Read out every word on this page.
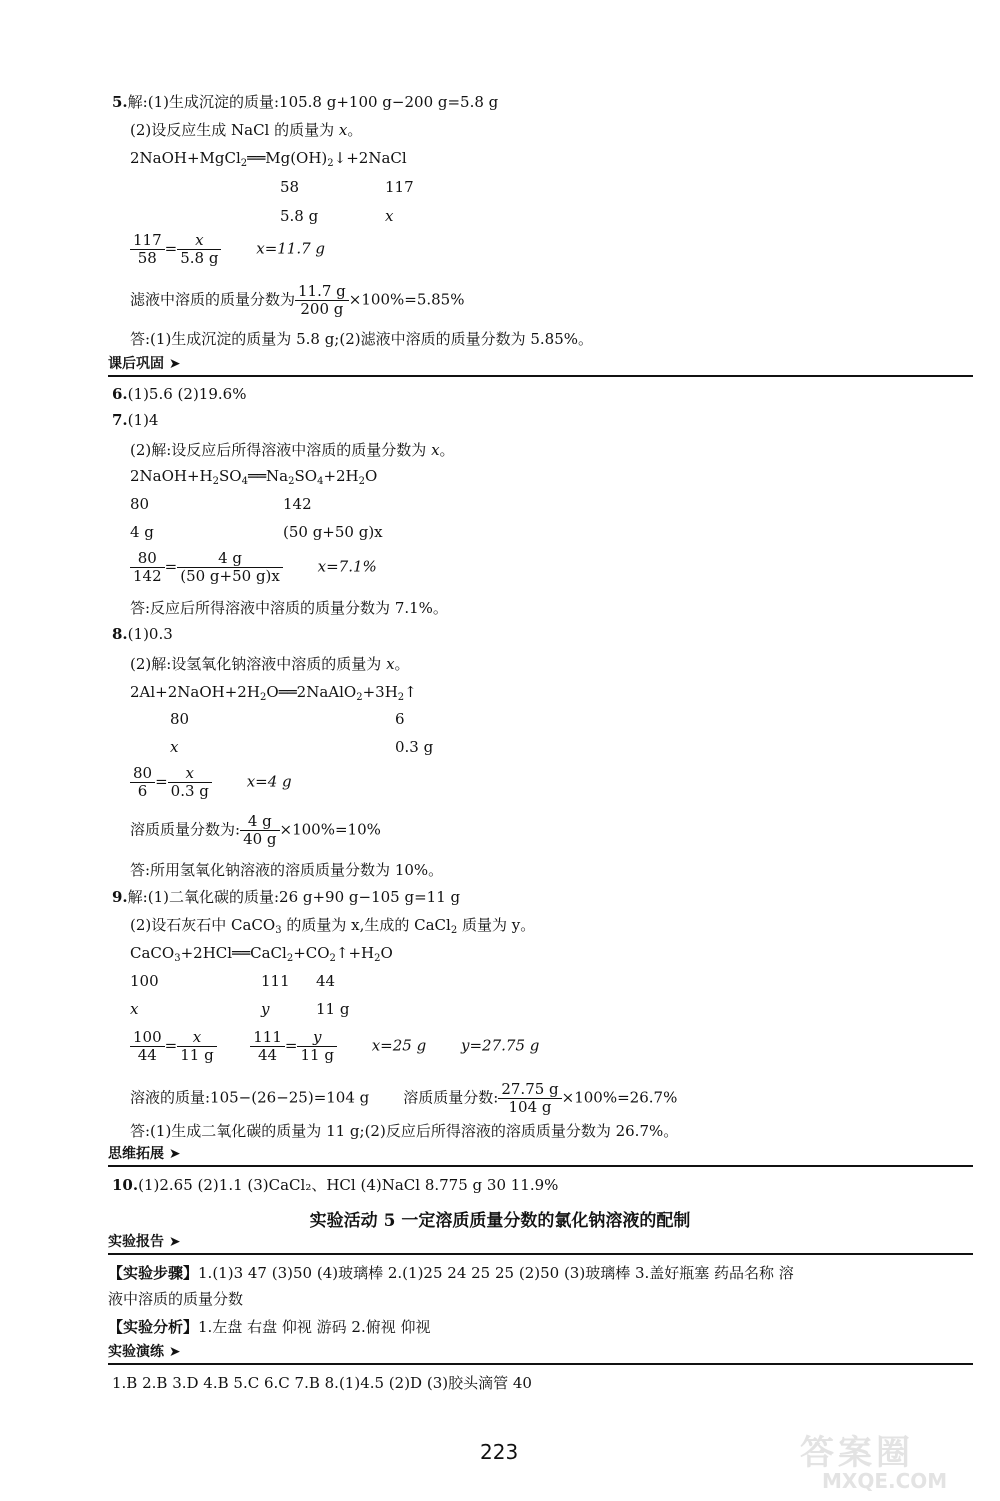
5.解:(1)生成沉淀的质量:105.8 g+100 g−200 g=5.8 g
(2)设反应生成 NaCl 的质量为 x。
$2NaOH+MgCl_2══Mg(OH)_2↓+2NaCl$
58	117
5.8 g	x
$\frac{117}{58} = \frac{x}{5.8 g} x=11.7$ g
滤液中溶质的质量分数为 $\frac{11.7 g}{200 g} \times 100\%=5.85\%$
答:(1)生成沉淀的质量为 5.8 g;(2)滤液中溶质的质量分数为 5.85%。
课后巩固 ➤
6.(1)5.6 (2)19.6%
7.(1)4
(2)解:设反应后所得溶液中溶质的质量分数为 x。
$2NaOH+H_2SO_4══Na_2SO_4+2H_2O$
80	142
4 g	(50 g+50 g)x
$\frac{80}{142} = \frac{4 g}{(50 g+50 g)x} x=7.1\%$
答:反应后所得溶液中溶质的质量分数为 7.1%。
8.(1)0.3
(2)解:设氢氧化钠溶液中溶质的质量为 x。
$2Al+2NaOH+2H_2O══2NaAlO_2+3H_2↑$
80	6
x	0.3 g
$\frac{80}{6} = \frac{x}{0.3 g} x=4$ g
溶质质量分数为: $\frac{4 g}{40 g} \times 100\%=10\%$
答:所用氢氧化钠溶液的溶质质量分数为 10%。
9.解:(1)二氧化碳的质量:26 g+90 g−105 g=11 g
(2)设石灰石中 CaCO$_3$ 的质量为 x,生成的 CaCl$_2$ 质量为 y。
$CaCO_3+2HCl══CaCl_2+CO_2↑+H_2O$
100	111 44
x	y	11 g
$\frac{100}{44} = \frac{x}{11 g}$
$\frac{111}{44} = \frac{y}{11 g} x=25$ g y=27.75 g
溶液的质量:105−(26−25)=104 g 溶质质量分数: $\frac{27.75 g}{104 g} \times 100\%=26.7\%$
答:(1)生成二氧化碳的质量为 11 g;(2)反应后所得溶液的溶质质量分数为 26.7%。
思维拓展 ➤
10.(1)2.65 (2)1.1 (3)CaCl₂、HCl (4)NaCl 8.775 g 30 11.9%
实验活动 5 一定溶质质量分数的氯化钠溶液的配制
实验报告 ➤
【实验步骤】1.(1)3 47 (3)50 (4)玻璃棒 2.(1)25 24 25 25 (2)50 (3)玻璃棒 3.盖好瓶塞 药品名称 溶
液中溶质的质量分数
【实验分析】1.左盘 右盘 仰视 游码 2.俯视 仰视
实验演练 ➤
1.B 2.B 3.D 4.B 5.C 6.C 7.B 8.(1)4.5 (2)D (3)胶头滴管 40
223	答案圈
MXQE.COM
